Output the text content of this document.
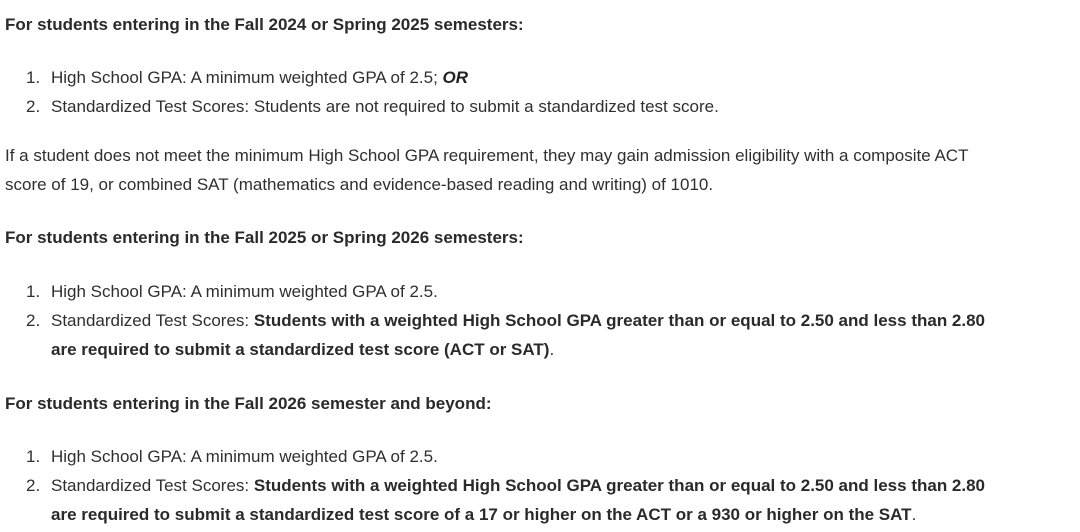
For students entering in the Fall 2024 or Spring 2025 semesters:
1. High School GPA: A minimum weighted GPA of 2.5; OR
2. Standardized Test Scores: Students are not required to submit a standardized test score.
If a student does not meet the minimum High School GPA requirement, they may gain admission eligibility with a composite ACT
score of 19, or combined SAT (mathematics and evidence-based reading and writing) of 1010.
For students entering in the Fall 2025 or Spring 2026 semesters:
1. High School GPA: A minimum weighted GPA of 2.5.
2. Standardized Test Scores: Students with a weighted High School GPA greater than or equal to 2.50 and less than 2.80
are required to submit a standardized test score (ACT or SAT).
For students entering in the Fall 2026 semester and beyond:
1. High School GPA: A minimum weighted GPA of 2.5.
2. Standardized Test Scores: Students with a weighted High School GPA greater than or equal to 2.50 and less than 2.80
are required to submit a standardized test score of a 17 or higher on the ACT or a 930 or higher on the SAT.
